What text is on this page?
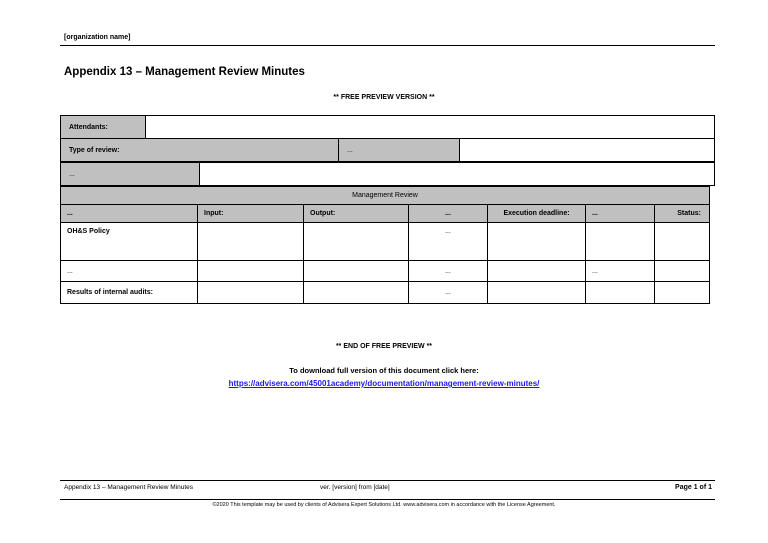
[organization name]
Appendix 13 – Management Review Minutes
** FREE PREVIEW VERSION **
Attendants:			
Type of review:		...	
...	
Management Review						
...	Input:	Output:	...	Execution deadline:	...	Status:
OH&S Policy			...			
...			...		...	
Results of internal audits:			...			
** END OF FREE PREVIEW **
To download full version of this document click here:
https://advisera.com/45001academy/documentation/management-review-minutes/
Appendix 13 – Management Review Minutes	ver. [version] from [date]	Page 1 of 1
©2020 This template may be used by clients of Advisera Expert Solutions Ltd. www.advisera.com in accordance with the License Agreement.
